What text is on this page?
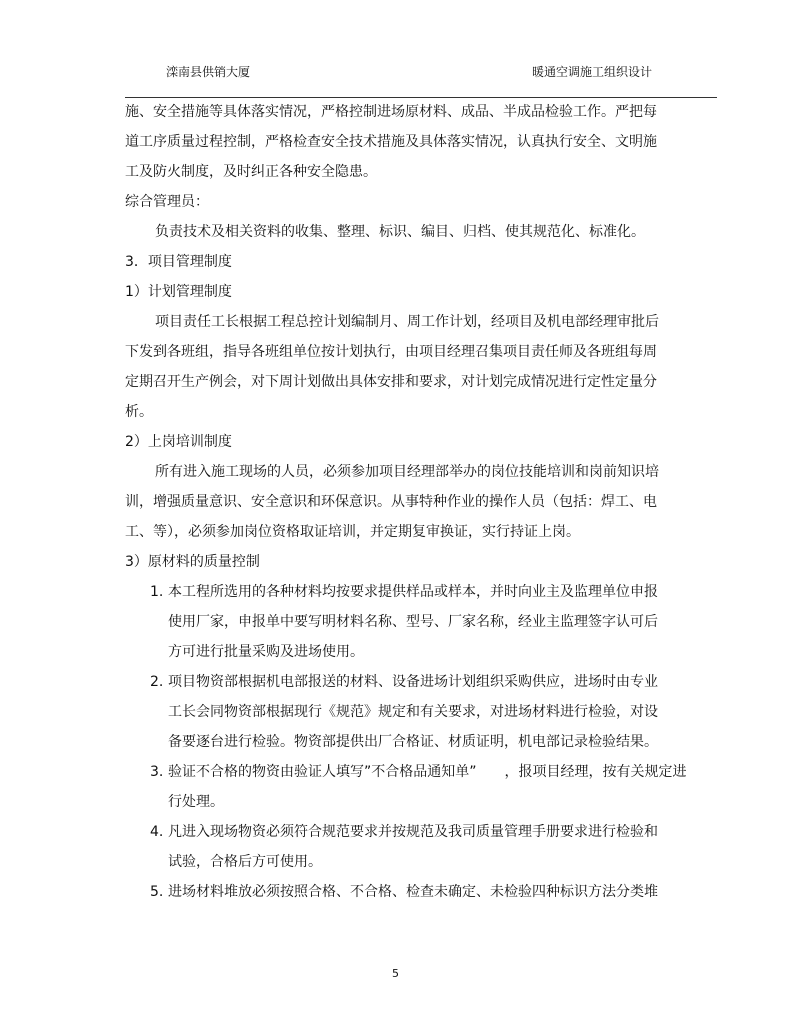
滦南县供销大厦	暖通空调施工组织设计

施、安全措施等具体落实情况，严格控制进场原材料、成品、半成品检验工作。严把每

道工序质量过程控制，严格检查安全技术措施及具体落实情况，认真执行安全、文明施

工及防火制度，及时纠正各种安全隐患。

综合管理员：

负责技术及相关资料的收集、整理、标识、编目、归档、使其规范化、标准化。

3．项目管理制度

1）计划管理制度

项目责任工长根据工程总控计划编制月、周工作计划，经项目及机电部经理审批后

下发到各班组，指导各班组单位按计划执行，由项目经理召集项目责任师及各班组每周

定期召开生产例会，对下周计划做出具体安排和要求，对计划完成情况进行定性定量分

析。

2）上岗培训制度

所有进入施工现场的人员，必须参加项目经理部举办的岗位技能培训和岗前知识培

训，增强质量意识、安全意识和环保意识。从事特种作业的操作人员（包括：焊工、电

工、等），必须参加岗位资格取证培训，并定期复审换证，实行持证上岗。

3）原材料的质量控制

1. 本工程所选用的各种材料均按要求提供样品或样本，并时向业主及监理单位申报
使用厂家，申报单中要写明材料名称、型号、厂家名称，经业主监理签字认可后
方可进行批量采购及进场使用。
2. 项目物资部根据机电部报送的材料、设备进场计划组织采购供应，进场时由专业
工长会同物资部根据现行《规范》规定和有关要求，对进场材料进行检验，对设
备要逐台进行检验。物资部提供出厂合格证、材质证明，机电部记录检验结果。
3. 验证不合格的物资由验证人填写”不合格品通知单”　　，报项目经理，按有关规定进
行处理。
4. 凡进入现场物资必须符合规范要求并按规范及我司质量管理手册要求进行检验和
试验，合格后方可使用。
5. 进场材料堆放必须按照合格、不合格、检查未确定、未检验四种标识方法分类堆
5
